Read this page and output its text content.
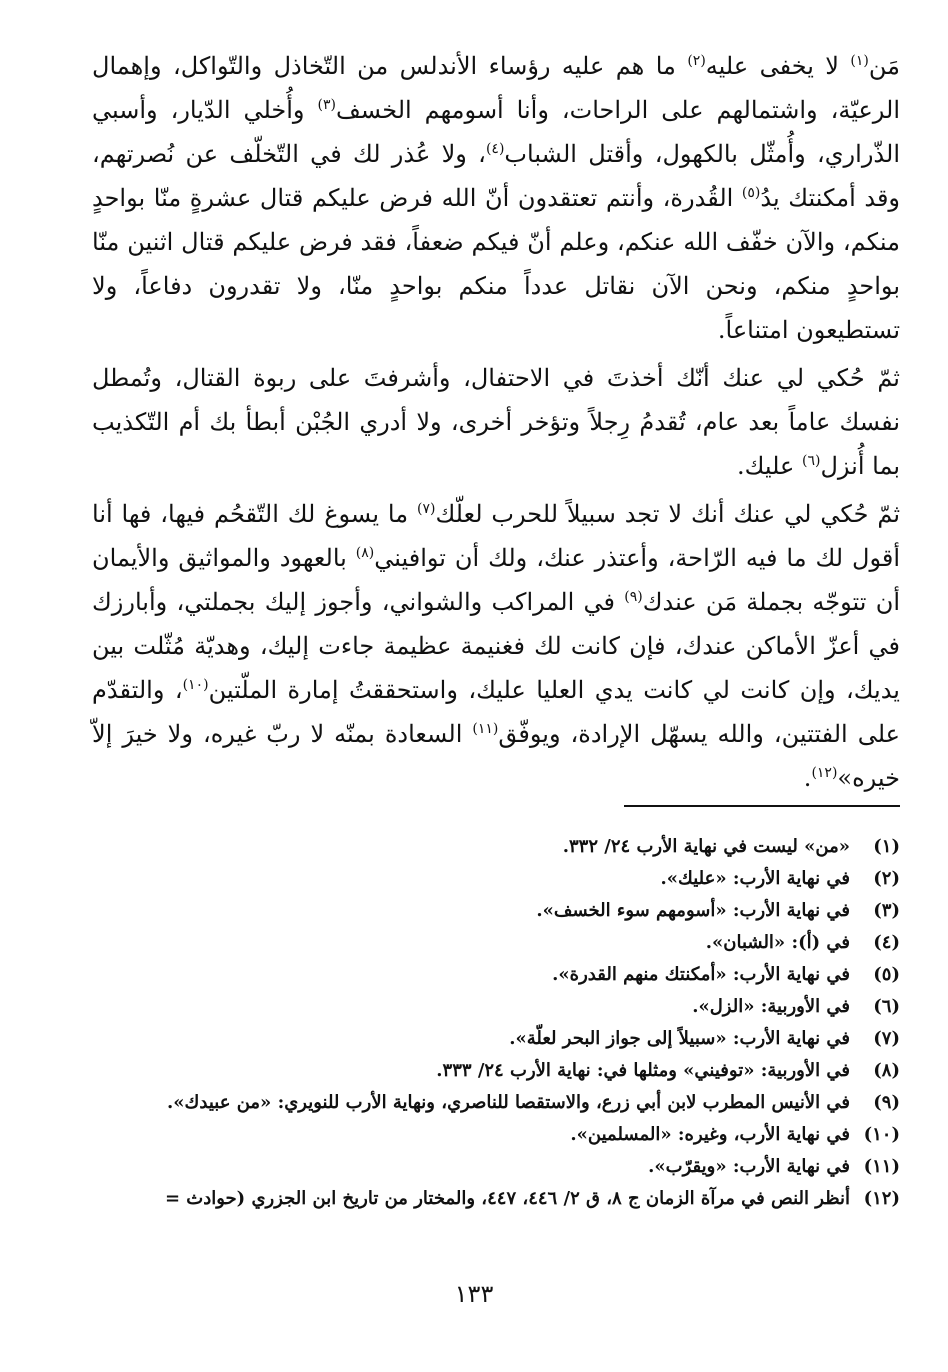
مَن$^{(١)}$ لا يخفى عليه$^{(٢)}$ ما هم عليه رؤساء الأندلس من التّخاذل والتّواكل، وإهمال الرعيّة، واشتمالهم على الراحات، وأنا أسومهم الخسف$^{(٣)}$ وأُخلي الدّيار، وأسبي الذّراري، وأُمثّل بالكهول، وأقتل الشباب$^{(٤)}$، ولا عُذر لك في التّخلّف عن نُصرتهم، وقد أمكنتك يدُ$^{(٥)}$ القُدرة، وأنتم تعتقدون أنّ الله فرض عليكم قتال عشرةٍ منّا بواحدٍ منكم، والآن خفّف الله عنكم، وعلم أنّ فيكم ضعفاً، فقد فرض عليكم قتال اثنين منّا بواحدٍ منكم، ونحن الآن نقاتل عدداً منكم بواحدٍ منّا، ولا تقدرون دفاعاً، ولا تستطيعون امتناعاً.

ثمّ حُكي لي عنك أنّك أخذتَ في الاحتفال، وأشرفتَ على ربوة القتال، وتُمطل نفسك عاماً بعد عام، تُقدمُ رِجلاً وتؤخر أخرى، ولا أدري الجُبْن أبطأ بك أم التّكذيب بما أُنزل$^{(٦)}$ عليك.

ثمّ حُكي لي عنك أنك لا تجد سبيلاً للحرب لعلّك$^{(٧)}$ ما يسوغ لك التّقحُم فيها، فها أنا أقول لك ما فيه الرّاحة، وأعتذر عنك، ولك أن توافيني$^{(٨)}$ بالعهود والمواثيق والأيمان أن تتوجّه بجملة مَن عندك$^{(٩)}$ في المراكب والشواني، وأجوز إليك بجملتي، وأبارزك في أعزّ الأماكن عندك، فإن كانت لك فغنيمة عظيمة جاءت إليك، وهديّة مُثّلت بين يديك، وإن كانت لي كانت يدي العليا عليك، واستحققتُ إمارة الملّتين$^{(١٠)}$، والتقدّم على الفتتين، والله يسهّل الإرادة، ويوفّق$^{(١١)}$ السعادة بمنّه لا ربّ غيره، ولا خيرَ إلاّ خيره»$^{(١٢)}$.

(١)
«من» ليست في نهاية الأرب ٢٤/ ٣٣٢.
(٢)
في نهاية الأرب: «عليك».
(٣)
في نهاية الأرب: «أسومهم سوء الخسف».
(٤)
في (أ): «الشبان».
(٥)
في نهاية الأرب: «أمكنتك منهم القدرة».
(٦)
في الأوربية: «الزل».
(٧)
في نهاية الأرب: «سبيلاً إلى جواز البحر لعلّة».
(٨)
في الأوربية: «توفيني» ومثلها في: نهاية الأرب ٢٤/ ٣٣٣.
(٩)
في الأنيس المطرب لابن أبي زرع، والاستقصا للناصري، ونهاية الأرب للنويري: «من عبيدك».
(١٠)
في نهاية الأرب، وغيره: «المسلمين».
(١١)
في نهاية الأرب: «ويقرّب».
(١٢)
أنظر النص في مرآة الزمان ج ٨، ق ٢/ ٤٤٦، ٤٤٧، والمختار من تاريخ ابن الجزري (حوادث =
١٣٣
